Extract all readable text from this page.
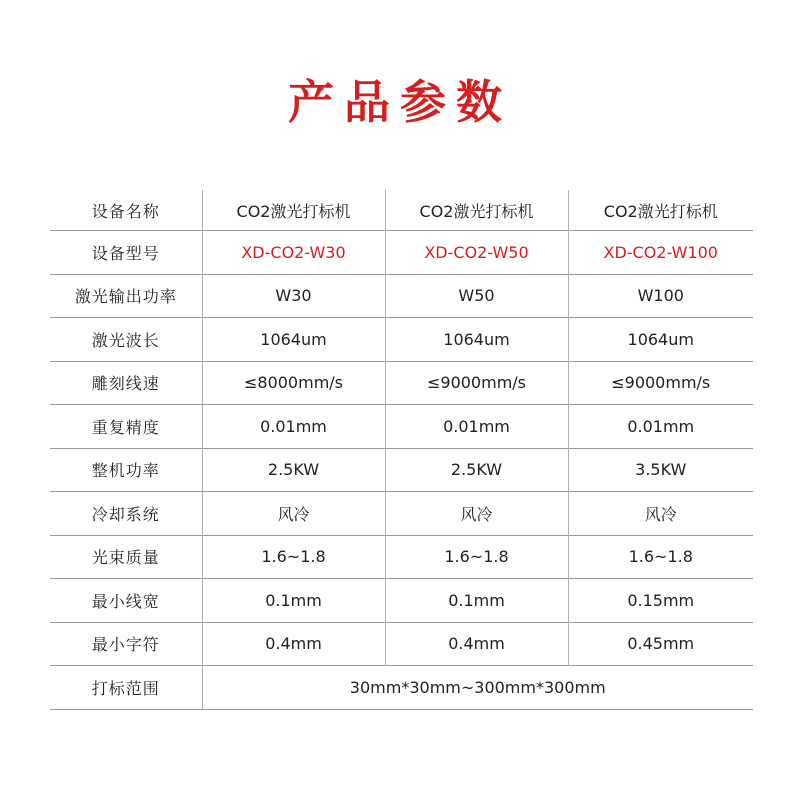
产品参数
设备名称	CO2激光打标机	CO2激光打标机	CO2激光打标机
设备型号	XD-CO2-W30	XD-CO2-W50	XD-CO2-W100
激光输出功率	W30	W50	W100
激光波长	1064um	1064um	1064um
雕刻线速	≤8000mm/s	≤9000mm/s	≤9000mm/s
重复精度	0.01mm	0.01mm	0.01mm
整机功率	2.5KW	2.5KW	3.5KW
冷却系统	风冷	风冷	风冷
光束质量	1.6~1.8	1.6~1.8	1.6~1.8
最小线宽	0.1mm	0.1mm	0.15mm
最小字符	0.4mm	0.4mm	0.45mm
打标范围	30mm*30mm~300mm*300mm		
